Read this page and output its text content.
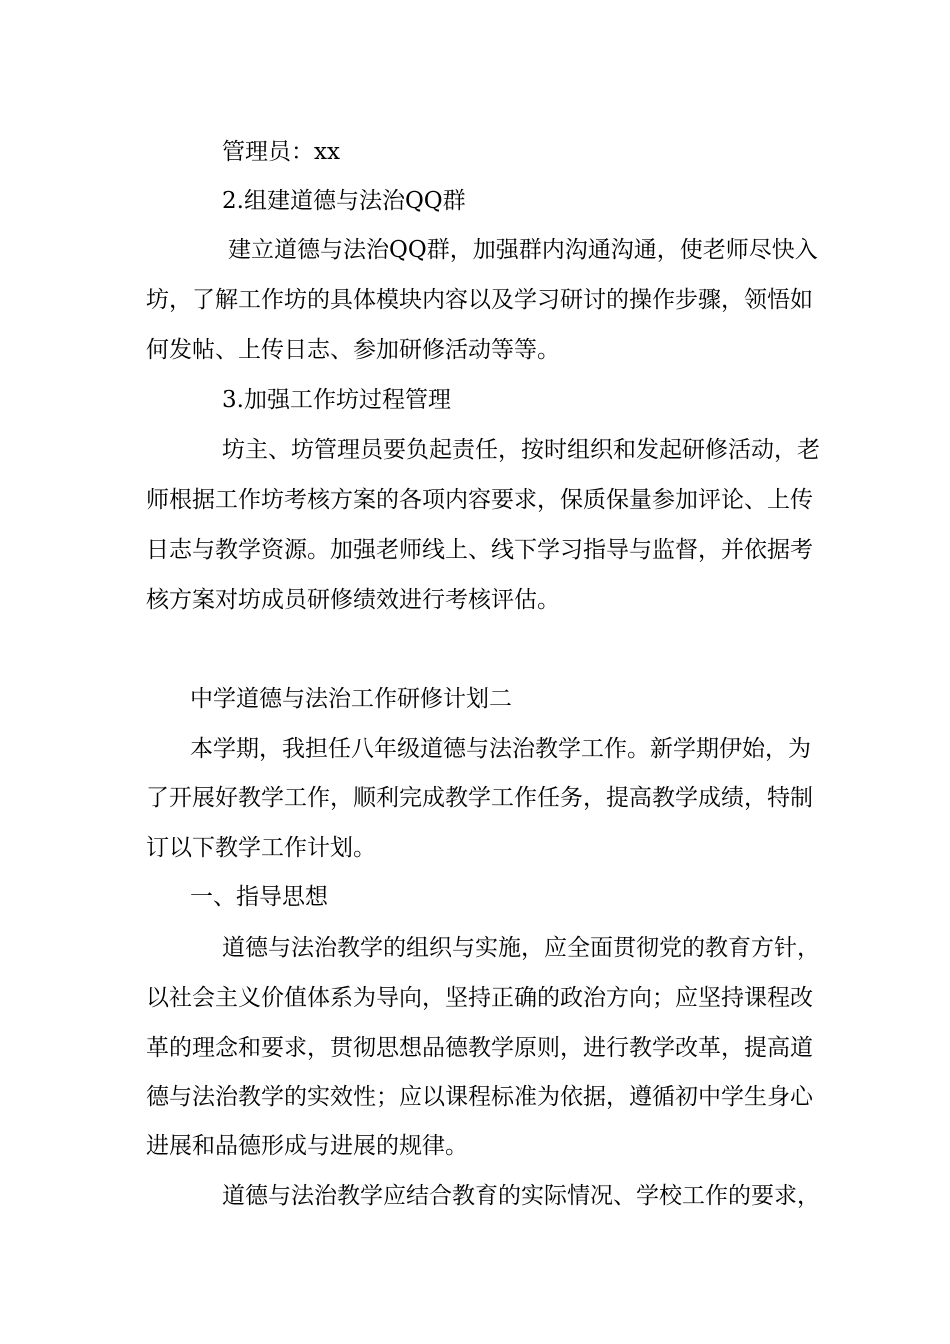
管理员：xx
2.组建道德与法治QQ群
建立道德与法治QQ群，加强群内沟通沟通，使老师尽快入
坊，了解工作坊的具体模块内容以及学习研讨的操作步骤，领悟如
何发帖、上传日志、参加研修活动等等。
3.加强工作坊过程管理
坊主、坊管理员要负起责任，按时组织和发起研修活动，老
师根据工作坊考核方案的各项内容要求，保质保量参加评论、上传
日志与教学资源。加强老师线上、线下学习指导与监督，并依据考
核方案对坊成员研修绩效进行考核评估。
中学道德与法治工作研修计划二
本学期，我担任八年级道德与法治教学工作。新学期伊始，为
了开展好教学工作，顺利完成教学工作任务，提高教学成绩，特制
订以下教学工作计划。
一、指导思想
道德与法治教学的组织与实施，应全面贯彻党的教育方针，
以社会主义价值体系为导向，坚持正确的政治方向；应坚持课程改
革的理念和要求，贯彻思想品德教学原则，进行教学改革，提高道
德与法治教学的实效性；应以课程标准为依据，遵循初中学生身心
进展和品德形成与进展的规律。
道德与法治教学应结合教育的实际情况、学校工作的要求，
